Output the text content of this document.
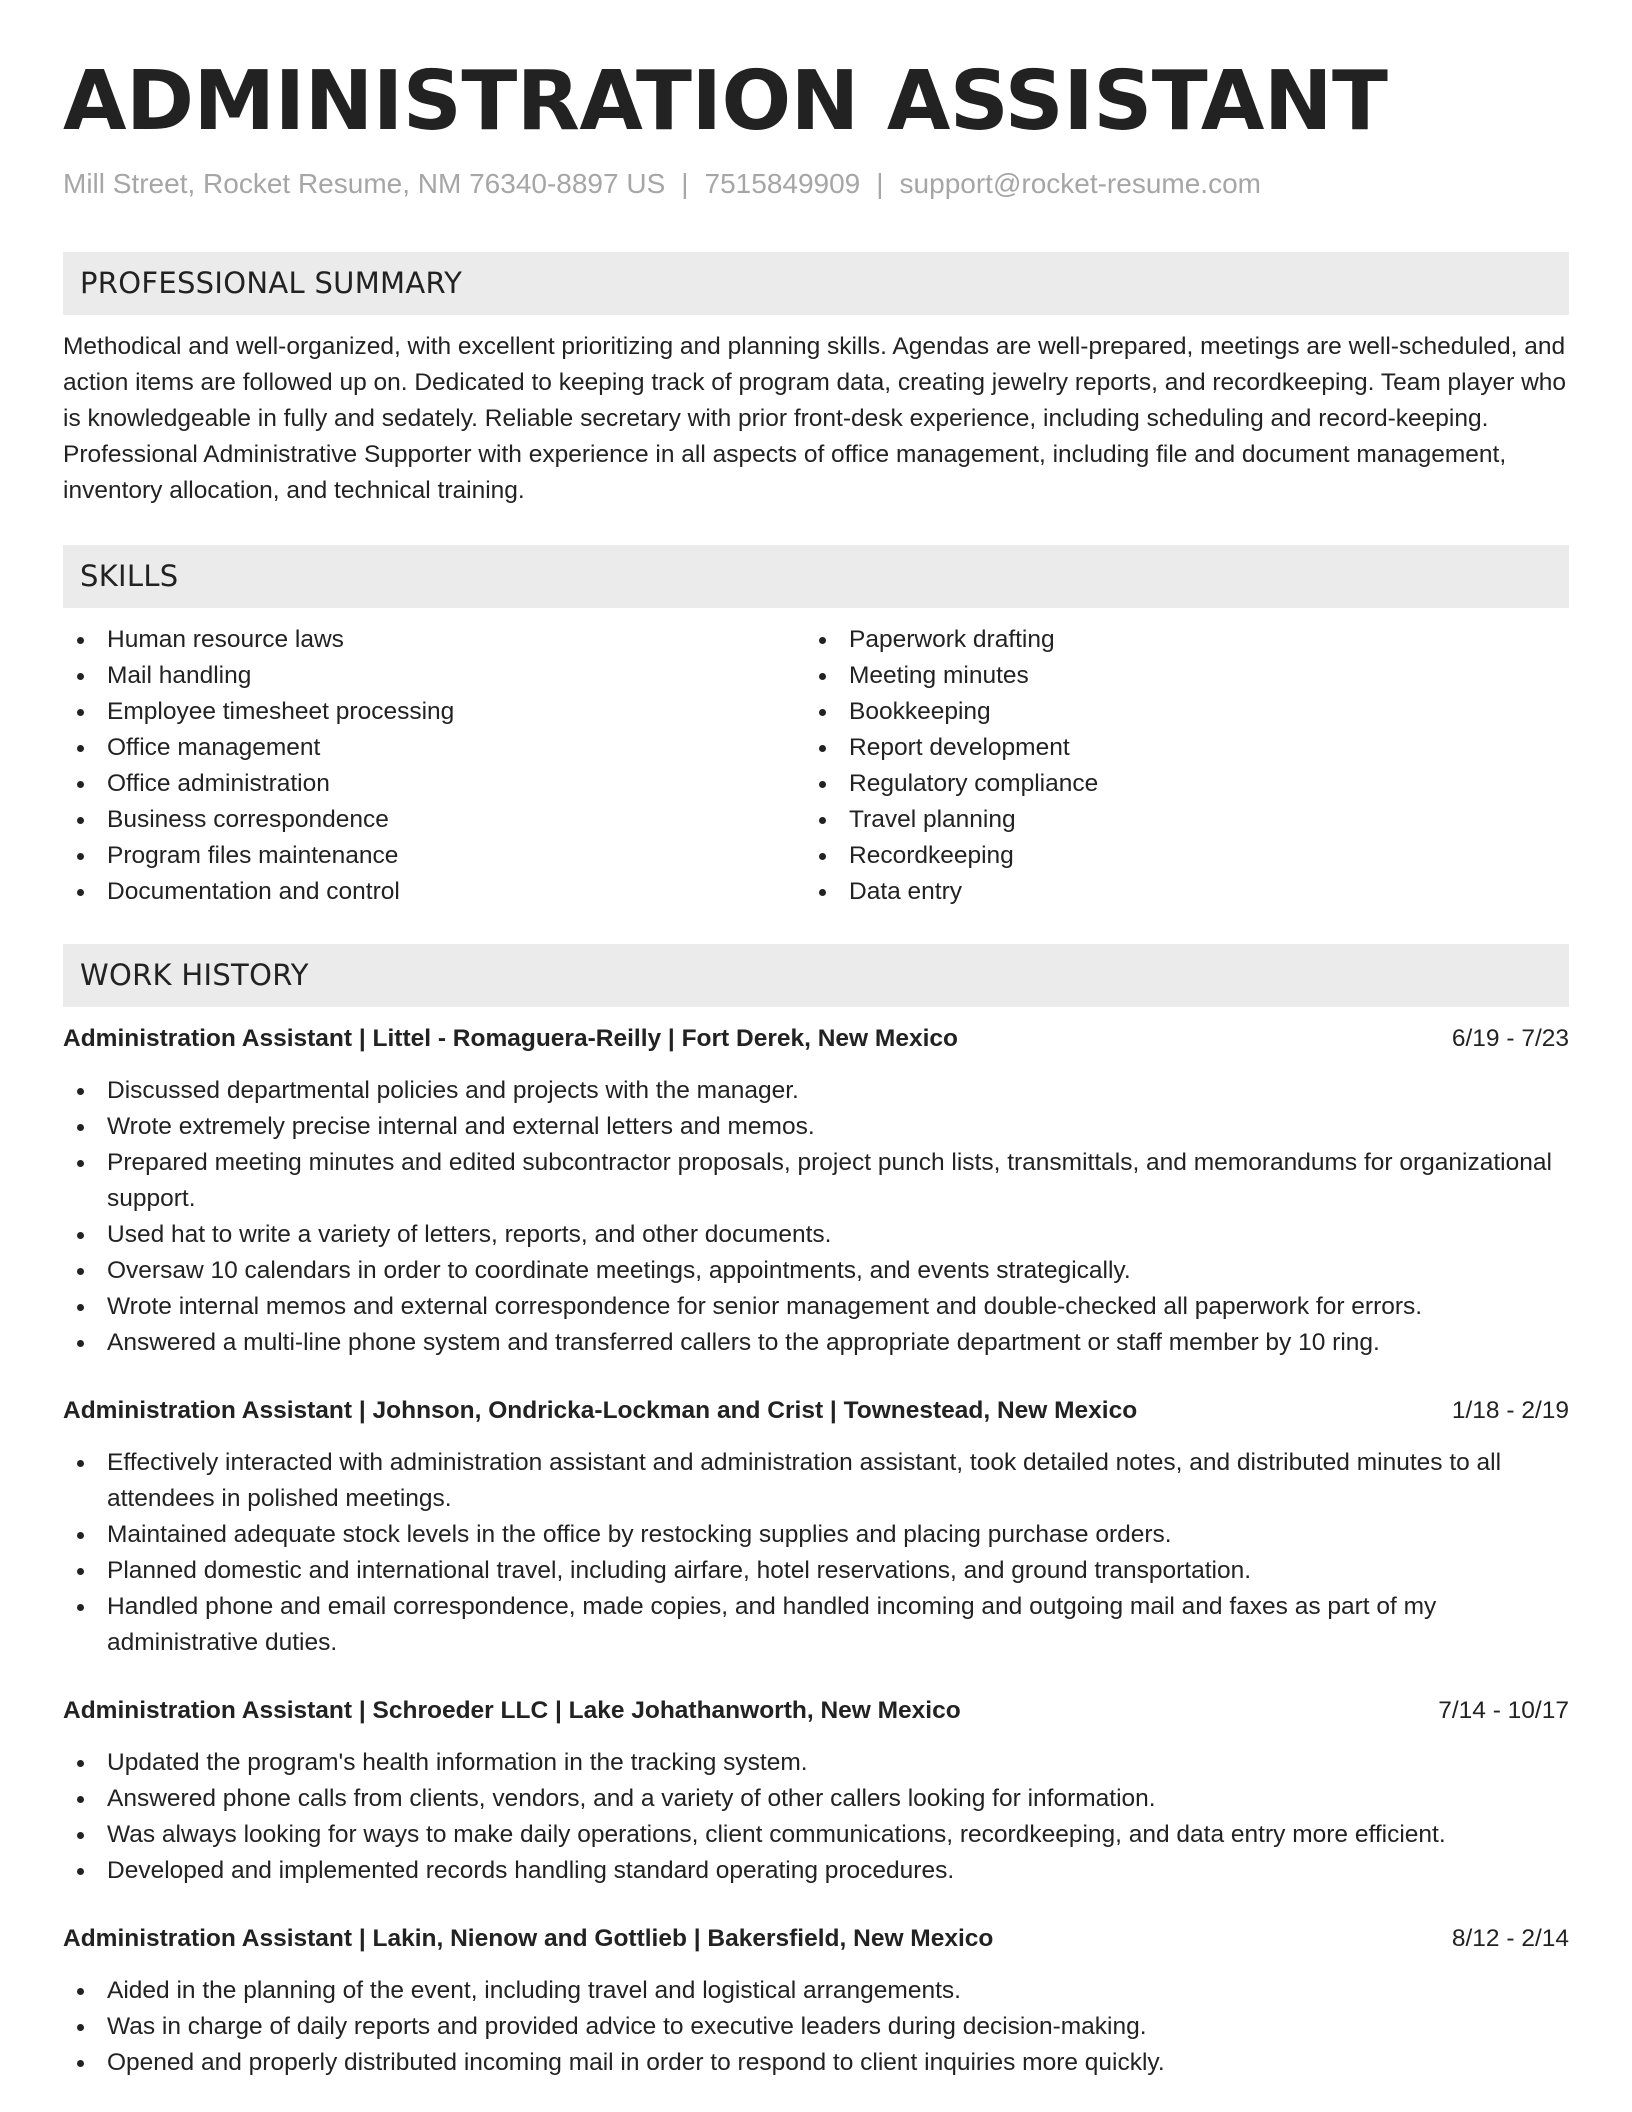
ADMINISTRATION ASSISTANT
Mill Street, Rocket Resume, NM 76340-8897 US | 7515849909 | support@rocket-resume.com
PROFESSIONAL SUMMARY

Methodical and well-organized, with excellent prioritizing and planning skills. Agendas are well-prepared, meetings are well-scheduled, and action items are followed up on. Dedicated to keeping track of program data, creating jewelry reports, and recordkeeping. Team player who is knowledgeable in fully and sedately. Reliable secretary with prior front-desk experience, including scheduling and record-keeping. Professional Administrative Supporter with experience in all aspects of office management, including file and document management, inventory allocation, and technical training.

SKILLS
Human resource laws
Mail handling
Employee timesheet processing
Office management
Office administration
Business correspondence
Program files maintenance
Documentation and control
Paperwork drafting
Meeting minutes
Bookkeeping
Report development
Regulatory compliance
Travel planning
Recordkeeping
Data entry
WORK HISTORY
Administration Assistant | Littel - Romaguera-Reilly | Fort Derek, New Mexico	6/19 - 7/23
Discussed departmental policies and projects with the manager.
Wrote extremely precise internal and external letters and memos.
Prepared meeting minutes and edited subcontractor proposals, project punch lists, transmittals, and memorandums for organizational support.
Used hat to write a variety of letters, reports, and other documents.
Oversaw 10 calendars in order to coordinate meetings, appointments, and events strategically.
Wrote internal memos and external correspondence for senior management and double-checked all paperwork for errors.
Answered a multi-line phone system and transferred callers to the appropriate department or staff member by 10 ring.
Administration Assistant | Johnson, Ondricka-Lockman and Crist | Townestead, New Mexico	1/18 - 2/19
Effectively interacted with administration assistant and administration assistant, took detailed notes, and distributed minutes to all attendees in polished meetings.
Maintained adequate stock levels in the office by restocking supplies and placing purchase orders.
Planned domestic and international travel, including airfare, hotel reservations, and ground transportation.
Handled phone and email correspondence, made copies, and handled incoming and outgoing mail and faxes as part of my administrative duties.
Administration Assistant | Schroeder LLC | Lake Johathanworth, New Mexico	7/14 - 10/17
Updated the program's health information in the tracking system.
Answered phone calls from clients, vendors, and a variety of other callers looking for information.
Was always looking for ways to make daily operations, client communications, recordkeeping, and data entry more efficient.
Developed and implemented records handling standard operating procedures.
Administration Assistant | Lakin, Nienow and Gottlieb | Bakersfield, New Mexico	8/12 - 2/14
Aided in the planning of the event, including travel and logistical arrangements.
Was in charge of daily reports and provided advice to executive leaders during decision-making.
Opened and properly distributed incoming mail in order to respond to client inquiries more quickly.
